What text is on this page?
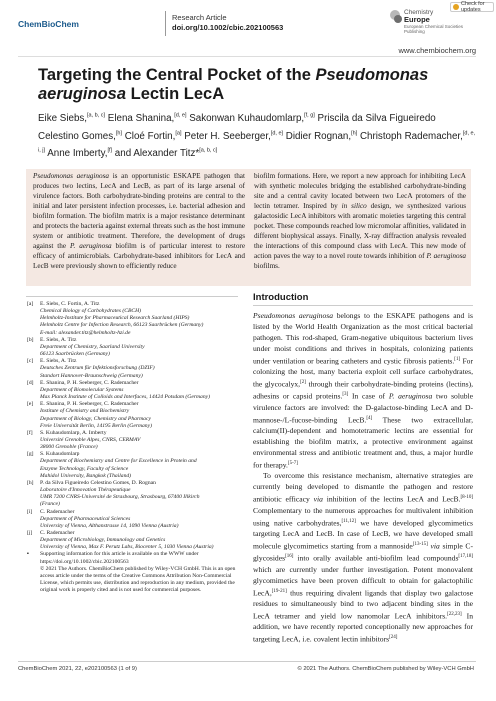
ChemBioChem
Research Article
doi.org/10.1002/cbic.202100563
Chemistry
Europe
European Chemical Societies Publishing
Check for updates
www.chembiochem.org
Targeting the Central Pocket of the Pseudomonas aeruginosa Lectin LecA
Eike Siebs,[a, b, c] Elena Shanina,[d, e] Sakonwan Kuhaudomlarp,[f, g] Priscila da Silva Figueiredo Celestino Gomes,[h] Cloé Fortin,[a] Peter H. Seeberger,[d, e] Didier Rognan,[h] Christoph Rademacher,[d, e, i, j] Anne Imberty,[f] and Alexander Titz*[a, b, c]
Pseudomonas aeruginosa is an opportunistic ESKAPE pathogen that produces two lectins, LecA and LecB, as part of its large arsenal of virulence factors. Both carbohydrate-binding proteins are central to the initial and later persistent infection processes, i.e. bacterial adhesion and biofilm formation. The biofilm matrix is a major resistance determinant and protects the bacteria against external threats such as the host immune system or antibiotic treatment. Therefore, the development of drugs against the P. aeruginosa biofilm is of particular interest to restore efficacy of antimicrobials. Carbohydrate-based inhibitors for LecA and LecB were previously shown to efficiently reduce
biofilm formations. Here, we report a new approach for inhibiting LecA with synthetic molecules bridging the established carbohydrate-binding site and a central cavity located between two LecA protomers of the lectin tetramer. Inspired by in silico design, we synthesized various galactosidic LecA inhibitors with aromatic moieties targeting this central pocket. These compounds reached low micromolar affinities, validated in different biophysical assays. Finally, X-ray diffraction analysis revealed the interactions of this compound class with LecA. This new mode of action paves the way to a novel route towards inhibition of P. aeruginosa biofilms.
[a]	E. Siebs, C. Fortin, A. Titz
Chemical Biology of Carbohydrates (CBCH)
Helmholtz-Institute for Pharmaceutical Research Saarland (HIPS)
Helmholtz Centre for Infection Research, 66123 Saarbrücken (Germany)
E-mail: alexander.titz@helmholtz-hzi.de
[b]	E. Siebs, A. Titz
Department of Chemistry, Saarland University
66123 Saarbrücken (Germany)
[c]	E. Siebs, A. Titz
Deutsches Zentrum für Infektionsforschung (DZIF)
Standort Hannover-Braunschweig (Germany)
[d]	E. Shanina, P. H. Seeberger, C. Rademacher
Department of Biomolecular Systems
Max Planck Institute of Colloids and Interfaces, 14424 Potsdam (Germany)
[e]	E. Shanina, P. H. Seeberger, C. Rademacher
Institute of Chemistry and Biochemistry
Department of Biology, Chemistry and Pharmacy
Freie Universität Berlin, 14195 Berlin (Germany)
[f]	S. Kuhaudomlarp, A. Imberty
Université Grenoble Alpes, CNRS, CERMAV
38000 Grenoble (France)
[g]	S. Kuhaudomlarp
Department of Biochemistry and Centre for Excellence in Protein and
Enzyme Technology, Faculty of Science
Mahidol University, Bangkok (Thailand)
[h]	P. da Silva Figueiredo Celestino Gomes, D. Rognan
Laboratoire d'Innovation Thérapeutique
UMR 7200 CNRS-Université de Strasbourg, Strasbourg, 67400 Illkirch
(France)
[i]	C. Rademacher
Department of Pharmaceutical Sciences
University of Vienna, Althanstrasse 14, 1090 Vienna (Austria)
[j]	C. Rademacher
Department of Microbiology, Immunology and Genetics
University of Vienna, Max F. Perutz Labs, Biocenter 5, 1030 Vienna (Austria)
▪	Supporting information for this article is available on the WWW under https://doi.org/10.1002/cbic.202100563
© 2021 The Authors. ChemBioChem published by Wiley-VCH GmbH. This is an open access article under the terms of the Creative Commons Attribution Non-Commercial License, which permits use, distribution and reproduction in any medium, provided the original work is properly cited and is not used for commercial purposes.
Introduction

Pseudomonas aeruginosa belongs to the ESKAPE pathogens and is listed by the World Health Organization as the most critical bacterial pathogen. This rod-shaped, Gram-negative ubiquitous bacterium lives under moist conditions and thrives in hospitals, colonizing patients under ventilation or bearing catheters and cystic fibrosis patients.[1] For colonizing the host, many bacteria exploit cell surface carbohydrates, the glycocalyx,[2] through their carbohydrate-binding proteins (lectins), adhesins or capsid proteins.[3] In case of P. aeruginosa two soluble virulence factors are involved: the D-galactose-binding LecA and D-mannose-/L-fucose-binding LecB.[4] These two extracellular, calcium(II)-dependent and homotetrameric lectins are essential for establishing the biofilm matrix, a protective environment against environmental stress and antibiotic treatment and, thus, a major hurdle for therapy.[5-7]

To overcome this resistance mechanism, alternative strategies are currently being developed to dismantle the pathogen and restore antibiotic efficacy via inhibition of the lectins LecA and LecB.[8-10] Complementary to the numerous approaches for multivalent inhibition using native carbohydrates,[11,12] we have developed glycomimetics targeting LecA and LecB. In case of LecB, we have developed small molecule glycomimetics starting from a mannoside[13-15] via simple C-glycosides[16] into orally available anti-biofilm lead compounds[17,18] which are currently under further investigation. Potent monovalent glycomimetics have been proven difficult to obtain for galactophilic LecA,[19-21] thus requiring divalent ligands that display two galactose residues to simultaneously bind to two adjacent binding sites in the LecA tetramer and yield low nanomolar LecA inhibitors.[22,23] In addition, we have recently reported conceptionally new approaches for targeting LecA, i.e. covalent lectin inhibitors[24]

ChemBioChem 2021, 22, e202100563 (1 of 9)	© 2021 The Authors. ChemBioChem published by Wiley-VCH GmbH
